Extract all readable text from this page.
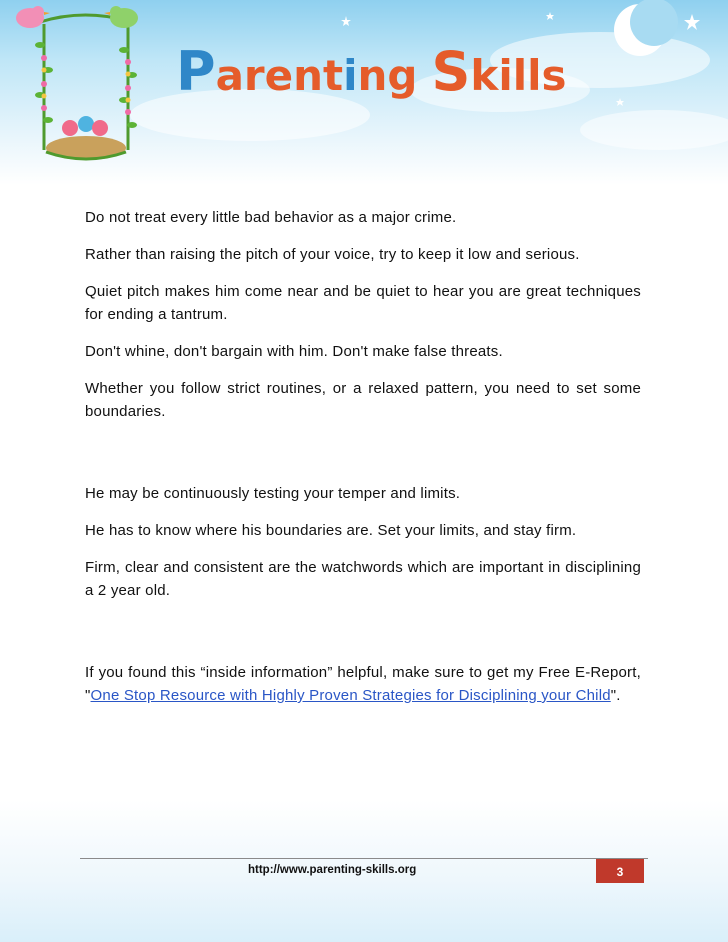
Parenting Skills

Do not treat every little bad behavior as a major crime.

Rather than raising the pitch of your voice, try to keep it low and serious.

Quiet pitch makes him come near and be quiet to hear you are great techniques for ending a tantrum.

Don't whine, don't bargain with him. Don't make false threats.

Whether you follow strict routines, or a relaxed pattern, you need to set some boundaries.

He may be continuously testing your temper and limits.

He has to know where his boundaries are. Set your limits, and stay firm.

Firm, clear and consistent are the watchwords which are important in disciplining a 2 year old.

If you found this “inside information” helpful, make sure to get my Free E-Report, "One Stop Resource with Highly Proven Strategies for Disciplining your Child".

http://www.parenting-skills.org	3
